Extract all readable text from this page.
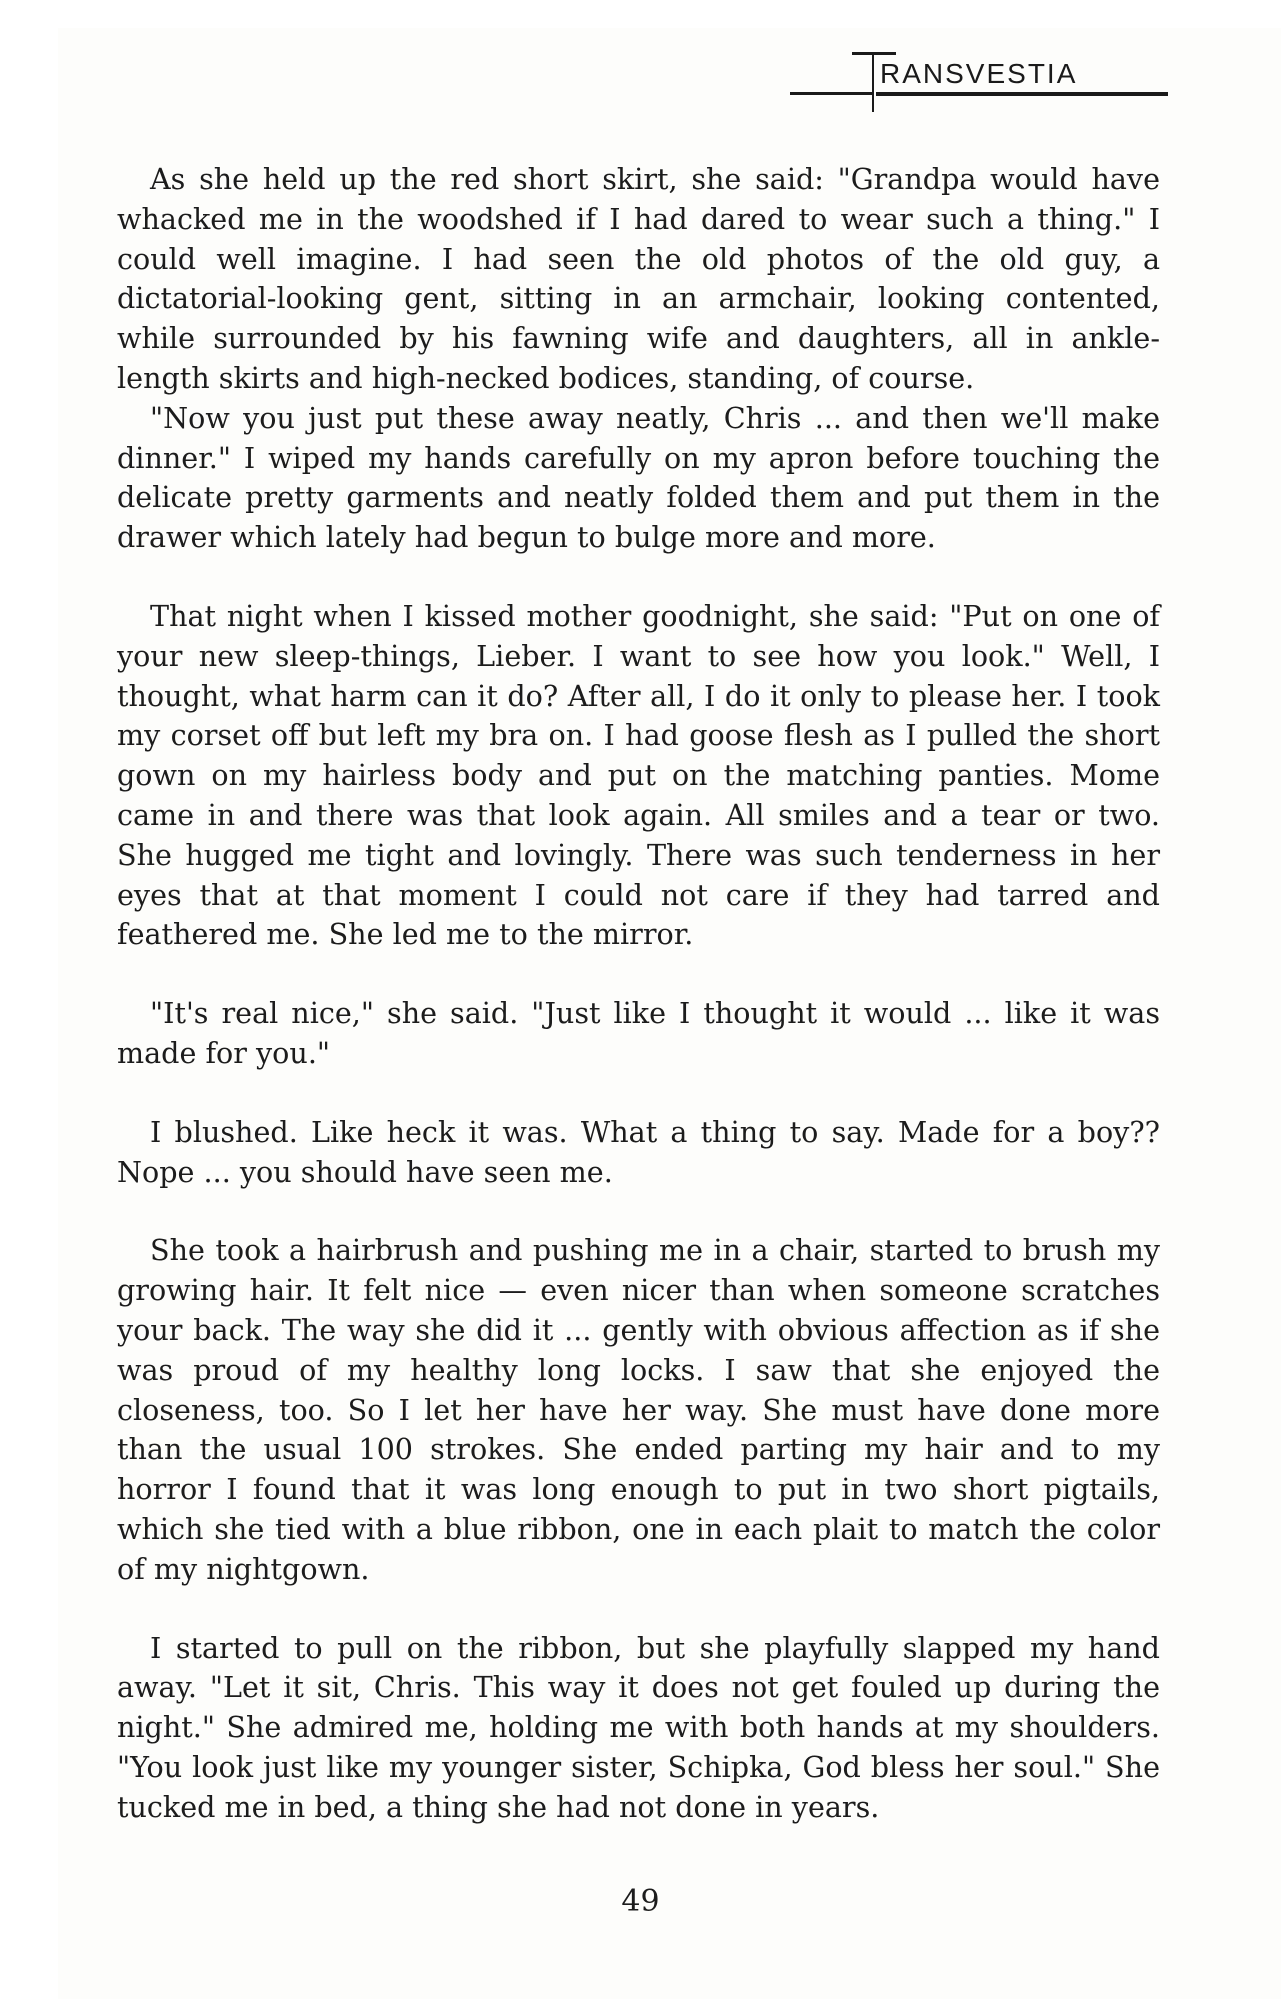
RANSVESTIA

As she held up the red short skirt, she said: "Grandpa would have whacked me in the woodshed if I had dared to wear such a thing." I could well imagine. I had seen the old photos of the old guy, a dictatorial-looking gent, sitting in an armchair, looking contented, while surrounded by his fawning wife and daughters, all in ankle-length skirts and high-necked bodices, standing, of course.

"Now you just put these away neatly, Chris ... and then we'll make dinner." I wiped my hands carefully on my apron before touching the delicate pretty garments and neatly folded them and put them in the drawer which lately had begun to bulge more and more.

That night when I kissed mother goodnight, she said: "Put on one of your new sleep-things, Lieber. I want to see how you look." Well, I thought, what harm can it do? After all, I do it only to please her. I took my corset off but left my bra on. I had goose flesh as I pulled the short gown on my hairless body and put on the matching panties. Mome came in and there was that look again. All smiles and a tear or two. She hugged me tight and lovingly. There was such tenderness in her eyes that at that moment I could not care if they had tarred and feathered me. She led me to the mirror.

"It's real nice," she said. "Just like I thought it would ... like it was made for you."

I blushed. Like heck it was. What a thing to say. Made for a boy?? Nope ... you should have seen me.

She took a hairbrush and pushing me in a chair, started to brush my growing hair. It felt nice — even nicer than when someone scratches your back. The way she did it ... gently with obvious affection as if she was proud of my healthy long locks. I saw that she enjoyed the closeness, too. So I let her have her way. She must have done more than the usual 100 strokes. She ended parting my hair and to my horror I found that it was long enough to put in two short pigtails, which she tied with a blue ribbon, one in each plait to match the color of my nightgown.

I started to pull on the ribbon, but she playfully slapped my hand away. "Let it sit, Chris. This way it does not get fouled up during the night." She admired me, holding me with both hands at my shoulders. "You look just like my younger sister, Schipka, God bless her soul." She tucked me in bed, a thing she had not done in years.

49
